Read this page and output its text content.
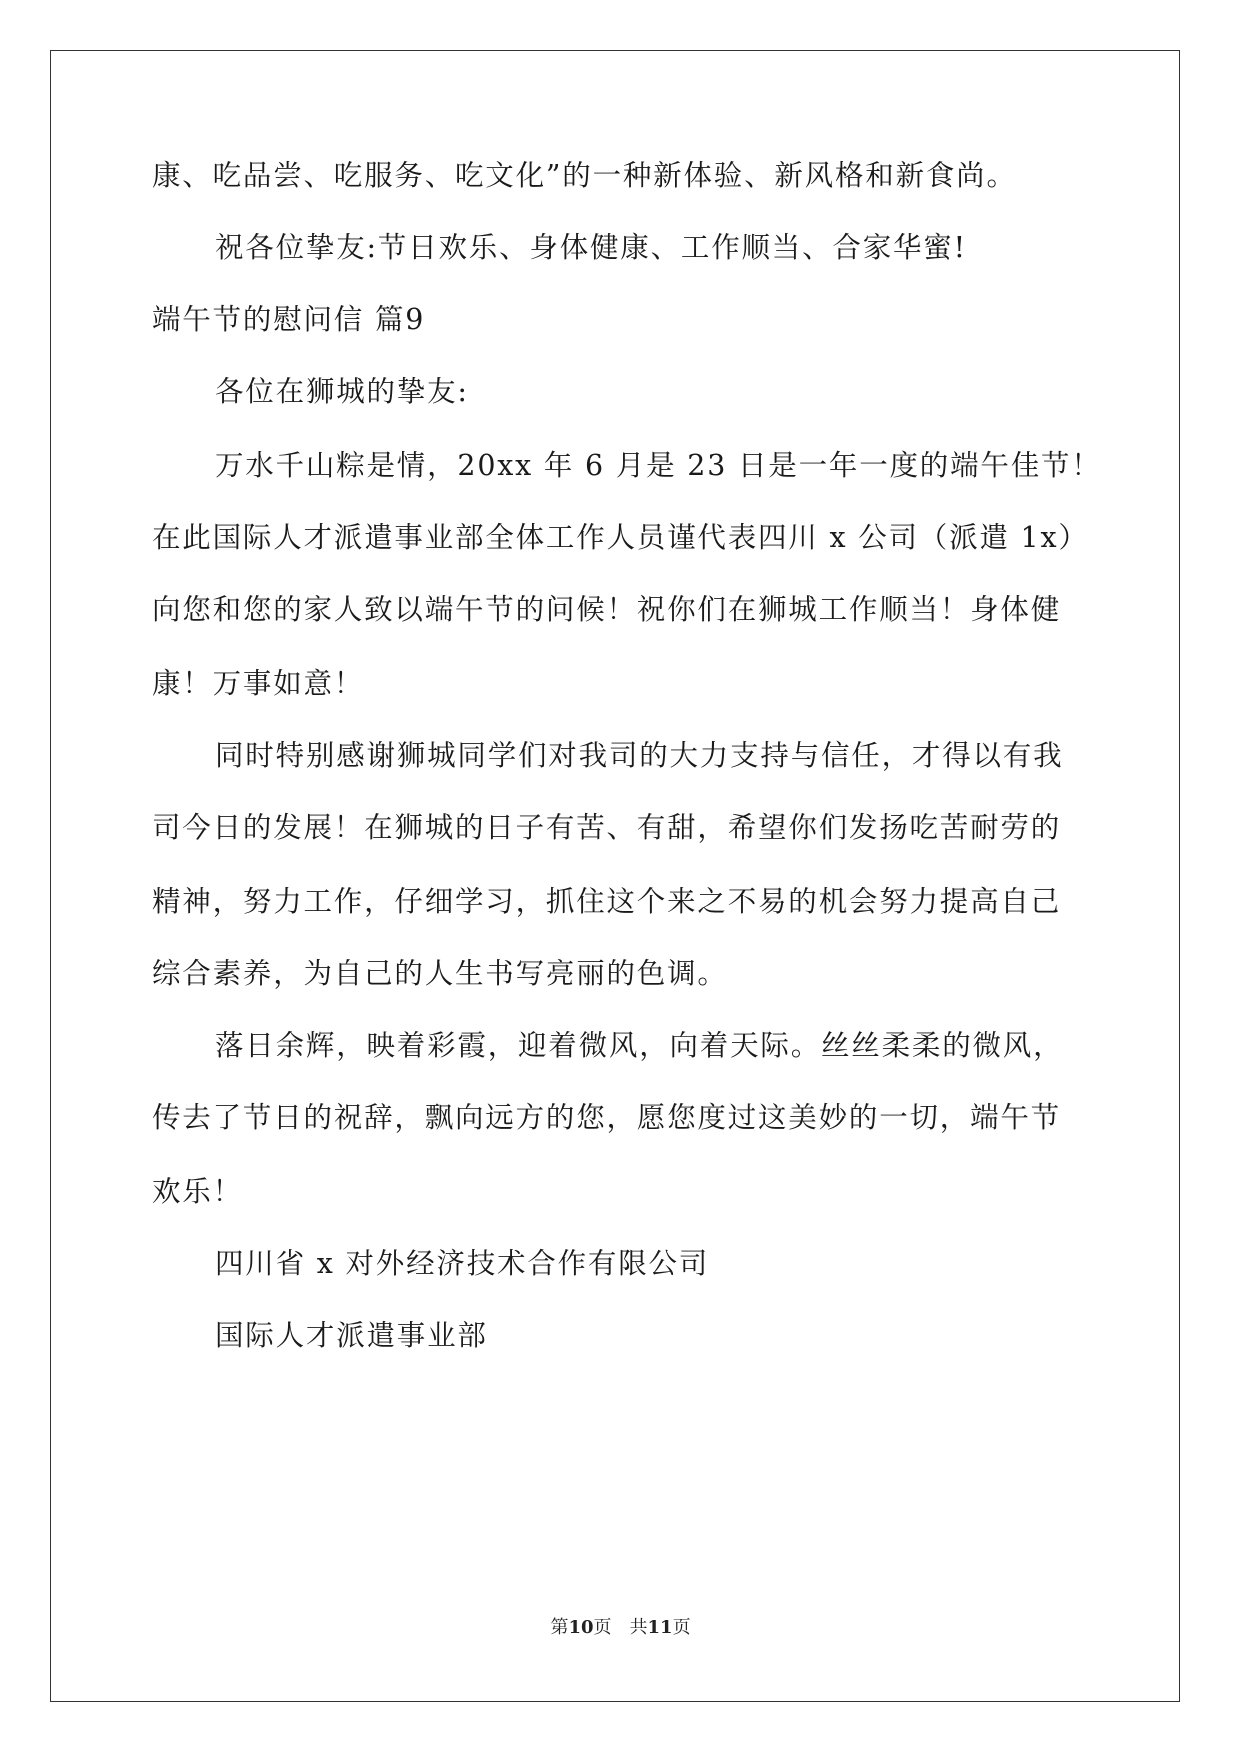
康、吃品尝、吃服务、吃文化”的一种新体验、新风格和新食尚。
祝各位挚友:节日欢乐、身体健康、工作顺当、合家华蜜!
端午节的慰问信 篇9
各位在狮城的挚友:
万水千山粽是情，20xx 年 6 月是 23 日是一年一度的端午佳节！
在此国际人才派遣事业部全体工作人员谨代表四川 x 公司（派遣 1x）
向您和您的家人致以端午节的问候！祝你们在狮城工作顺当！身体健
康！万事如意！
同时特别感谢狮城同学们对我司的大力支持与信任，才得以有我
司今日的发展！在狮城的日子有苦、有甜，希望你们发扬吃苦耐劳的
精神，努力工作，仔细学习，抓住这个来之不易的机会努力提高自己
综合素养，为自己的人生书写亮丽的色调。
落日余辉，映着彩霞，迎着微风，向着天际。丝丝柔柔的微风，
传去了节日的祝辞，飘向远方的您，愿您度过这美妙的一切，端午节
欢乐！
四川省 x 对外经济技术合作有限公司
国际人才派遣事业部
第10页 共11页
